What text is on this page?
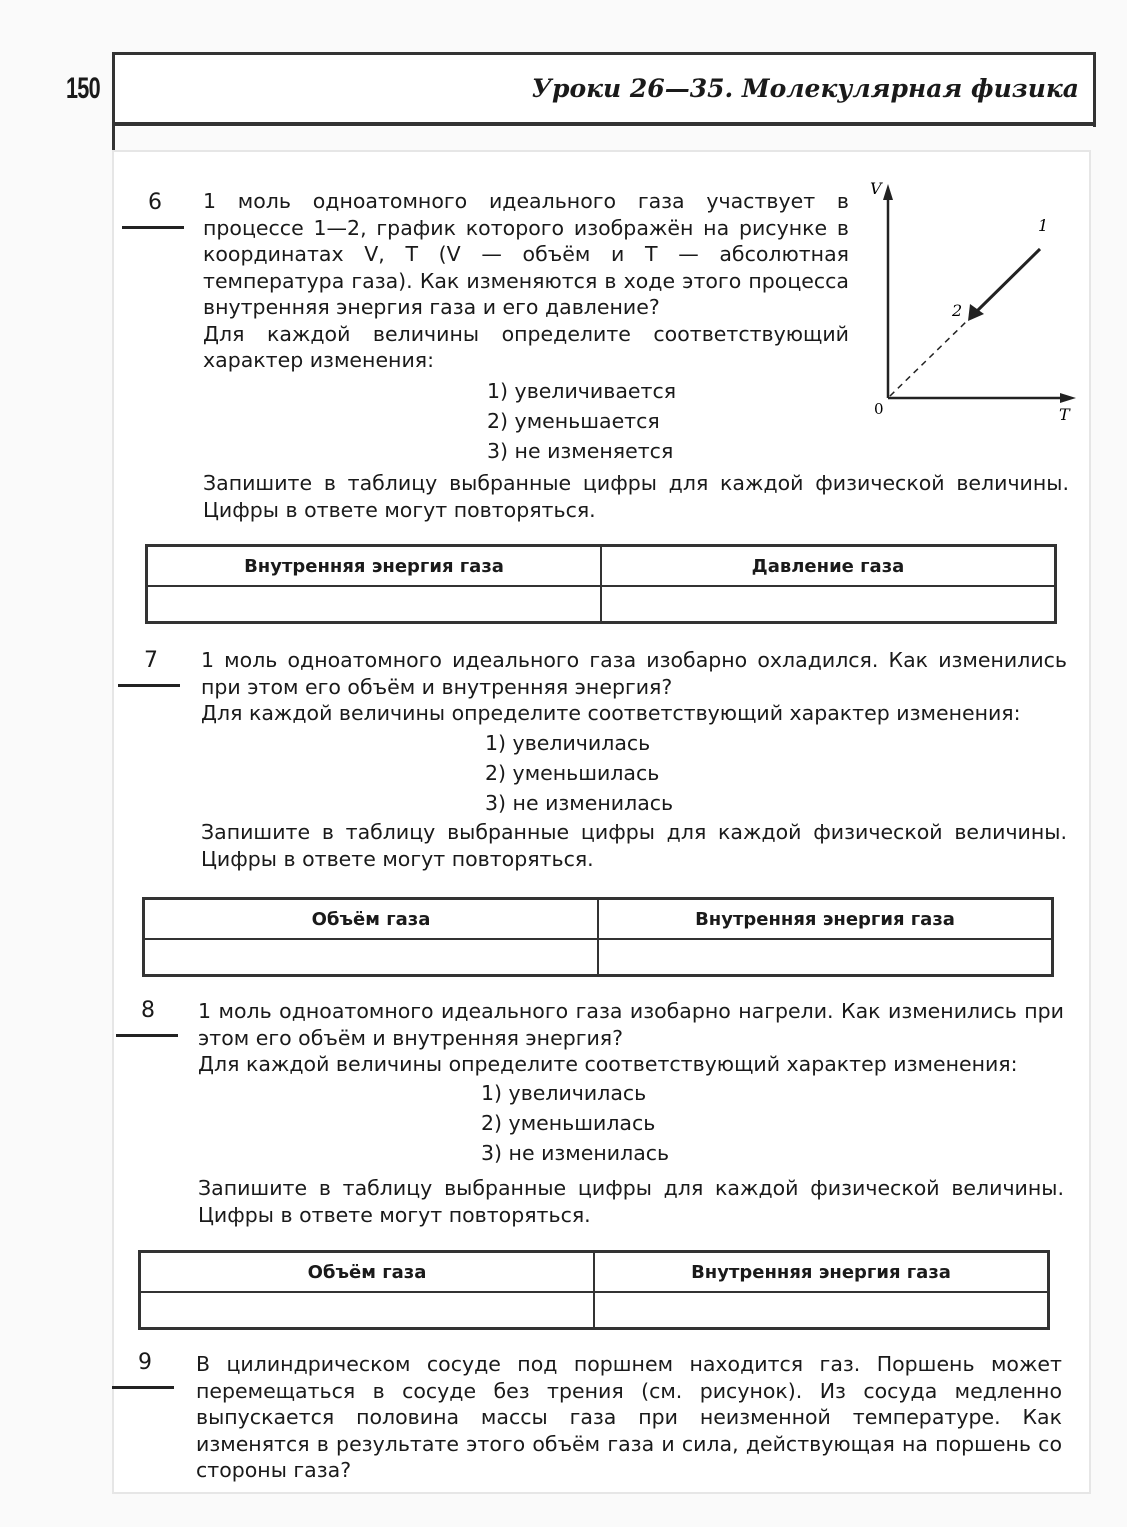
150	Уроки 26—35. Молекулярная физика
6 1 моль одноатомного идеального газа участвует в процессе 1—2, график которого изображён на рисунке в координатах V, T (V — объём и T — абсолютная температура газа). Как изменяются в ходе этого процесса внутренняя энергия газа и его давление?

Для каждой величины определите соответствующий характер изменения:

1) увеличивается
2) уменьшается
3) не изменяется
V
T
0
1
2
Запишите в таблицу выбранные цифры для каждой физической величины. Цифры в ответе могут повторяться.
Внутренняя энергия газа	Давление газа

7 1 моль одноатомного идеального газа изобарно охладился. Как изменились при этом его объём и внутренняя энергия?

Для каждой величины определите соответствующий характер изменения:

1) увеличилась
2) уменьшилась
3) не изменилась
Запишите в таблицу выбранные цифры для каждой физической величины. Цифры в ответе могут повторяться.
Объём газа	Внутренняя энергия газа

8 1 моль одноатомного идеального газа изобарно нагрели. Как изменились при этом его объём и внутренняя энергия?

Для каждой величины определите соответствующий характер изменения:

1) увеличилась
2) уменьшилась
3) не изменилась
Запишите в таблицу выбранные цифры для каждой физической величины. Цифры в ответе могут повторяться.
Объём газа	Внутренняя энергия газа

9 В цилиндрическом сосуде под поршнем находится газ. Поршень может перемещаться в сосуде без трения (см. рисунок). Из сосуда медленно выпускается половина массы газа при неизменной температуре. Как изменятся в результате этого объём газа и сила, действующая на поршень со стороны газа?
